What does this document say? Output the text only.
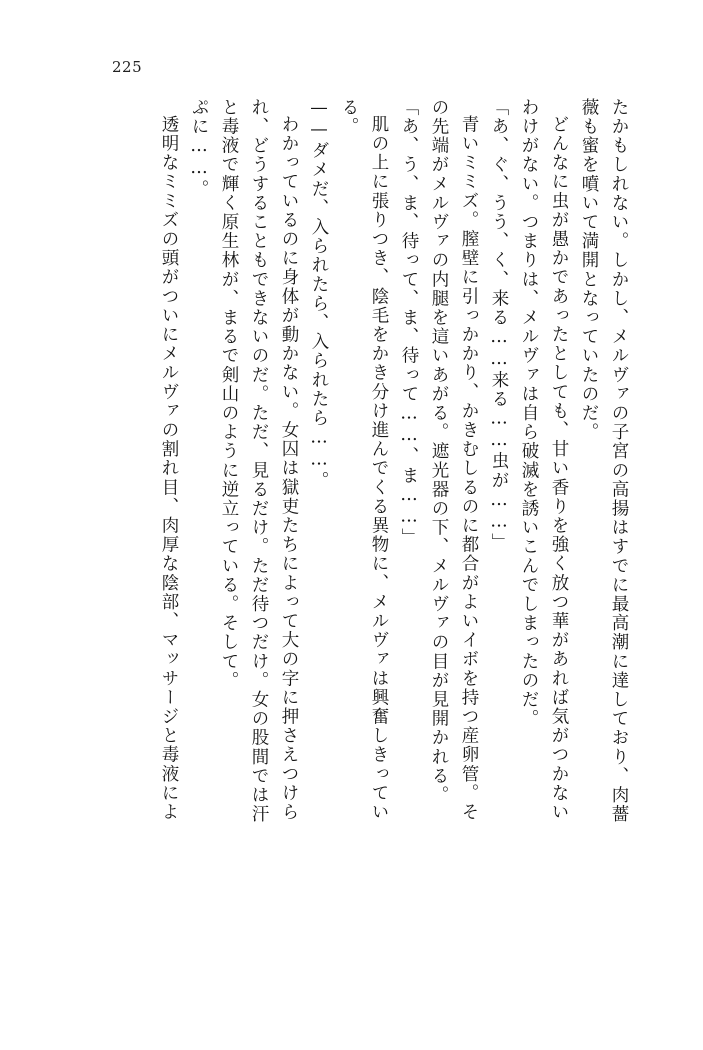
225
たかもしれない。しかし、メルヴァの子宮の高揚はすでに最高潮に達しており、肉薔
薇も蜜を噴いて満開となっていたのだ。
どんなに虫が愚かであったとしても、甘い香りを強く放つ華があれば気がつかない
わけがない。つまりは、メルヴァは自ら破滅を誘いこんでしまったのだ。
「あ、ぐ、うう、く、来る……来る……虫が……」
青いミミズ。膣壁に引っかかり、かきむしるのに都合がよいイボを持つ産卵管。そ
の先端がメルヴァの内腿を這いあがる。遮光器の下、メルヴァの目が見開かれる。
「あ、う、ま、待って、ま、待って……、ま……」
肌の上に張りつき、陰毛をかき分け進んでくる異物に、メルヴァは興奮しきってい
る。
——ダメだ、入られたら、入られたら……。
わかっているのに身体が動かない。女囚は獄吏たちによって大の字に押さえつけら
れ、どうすることもできないのだ。ただ、見るだけ。ただ待つだけ。女の股間では汗
と毒液で輝く原生林が、まるで剣山のように逆立っている。そして。
ぷに……。
透明なミミズの頭がついにメルヴァの割れ目、肉厚な陰部、マッサージと毒液によ
